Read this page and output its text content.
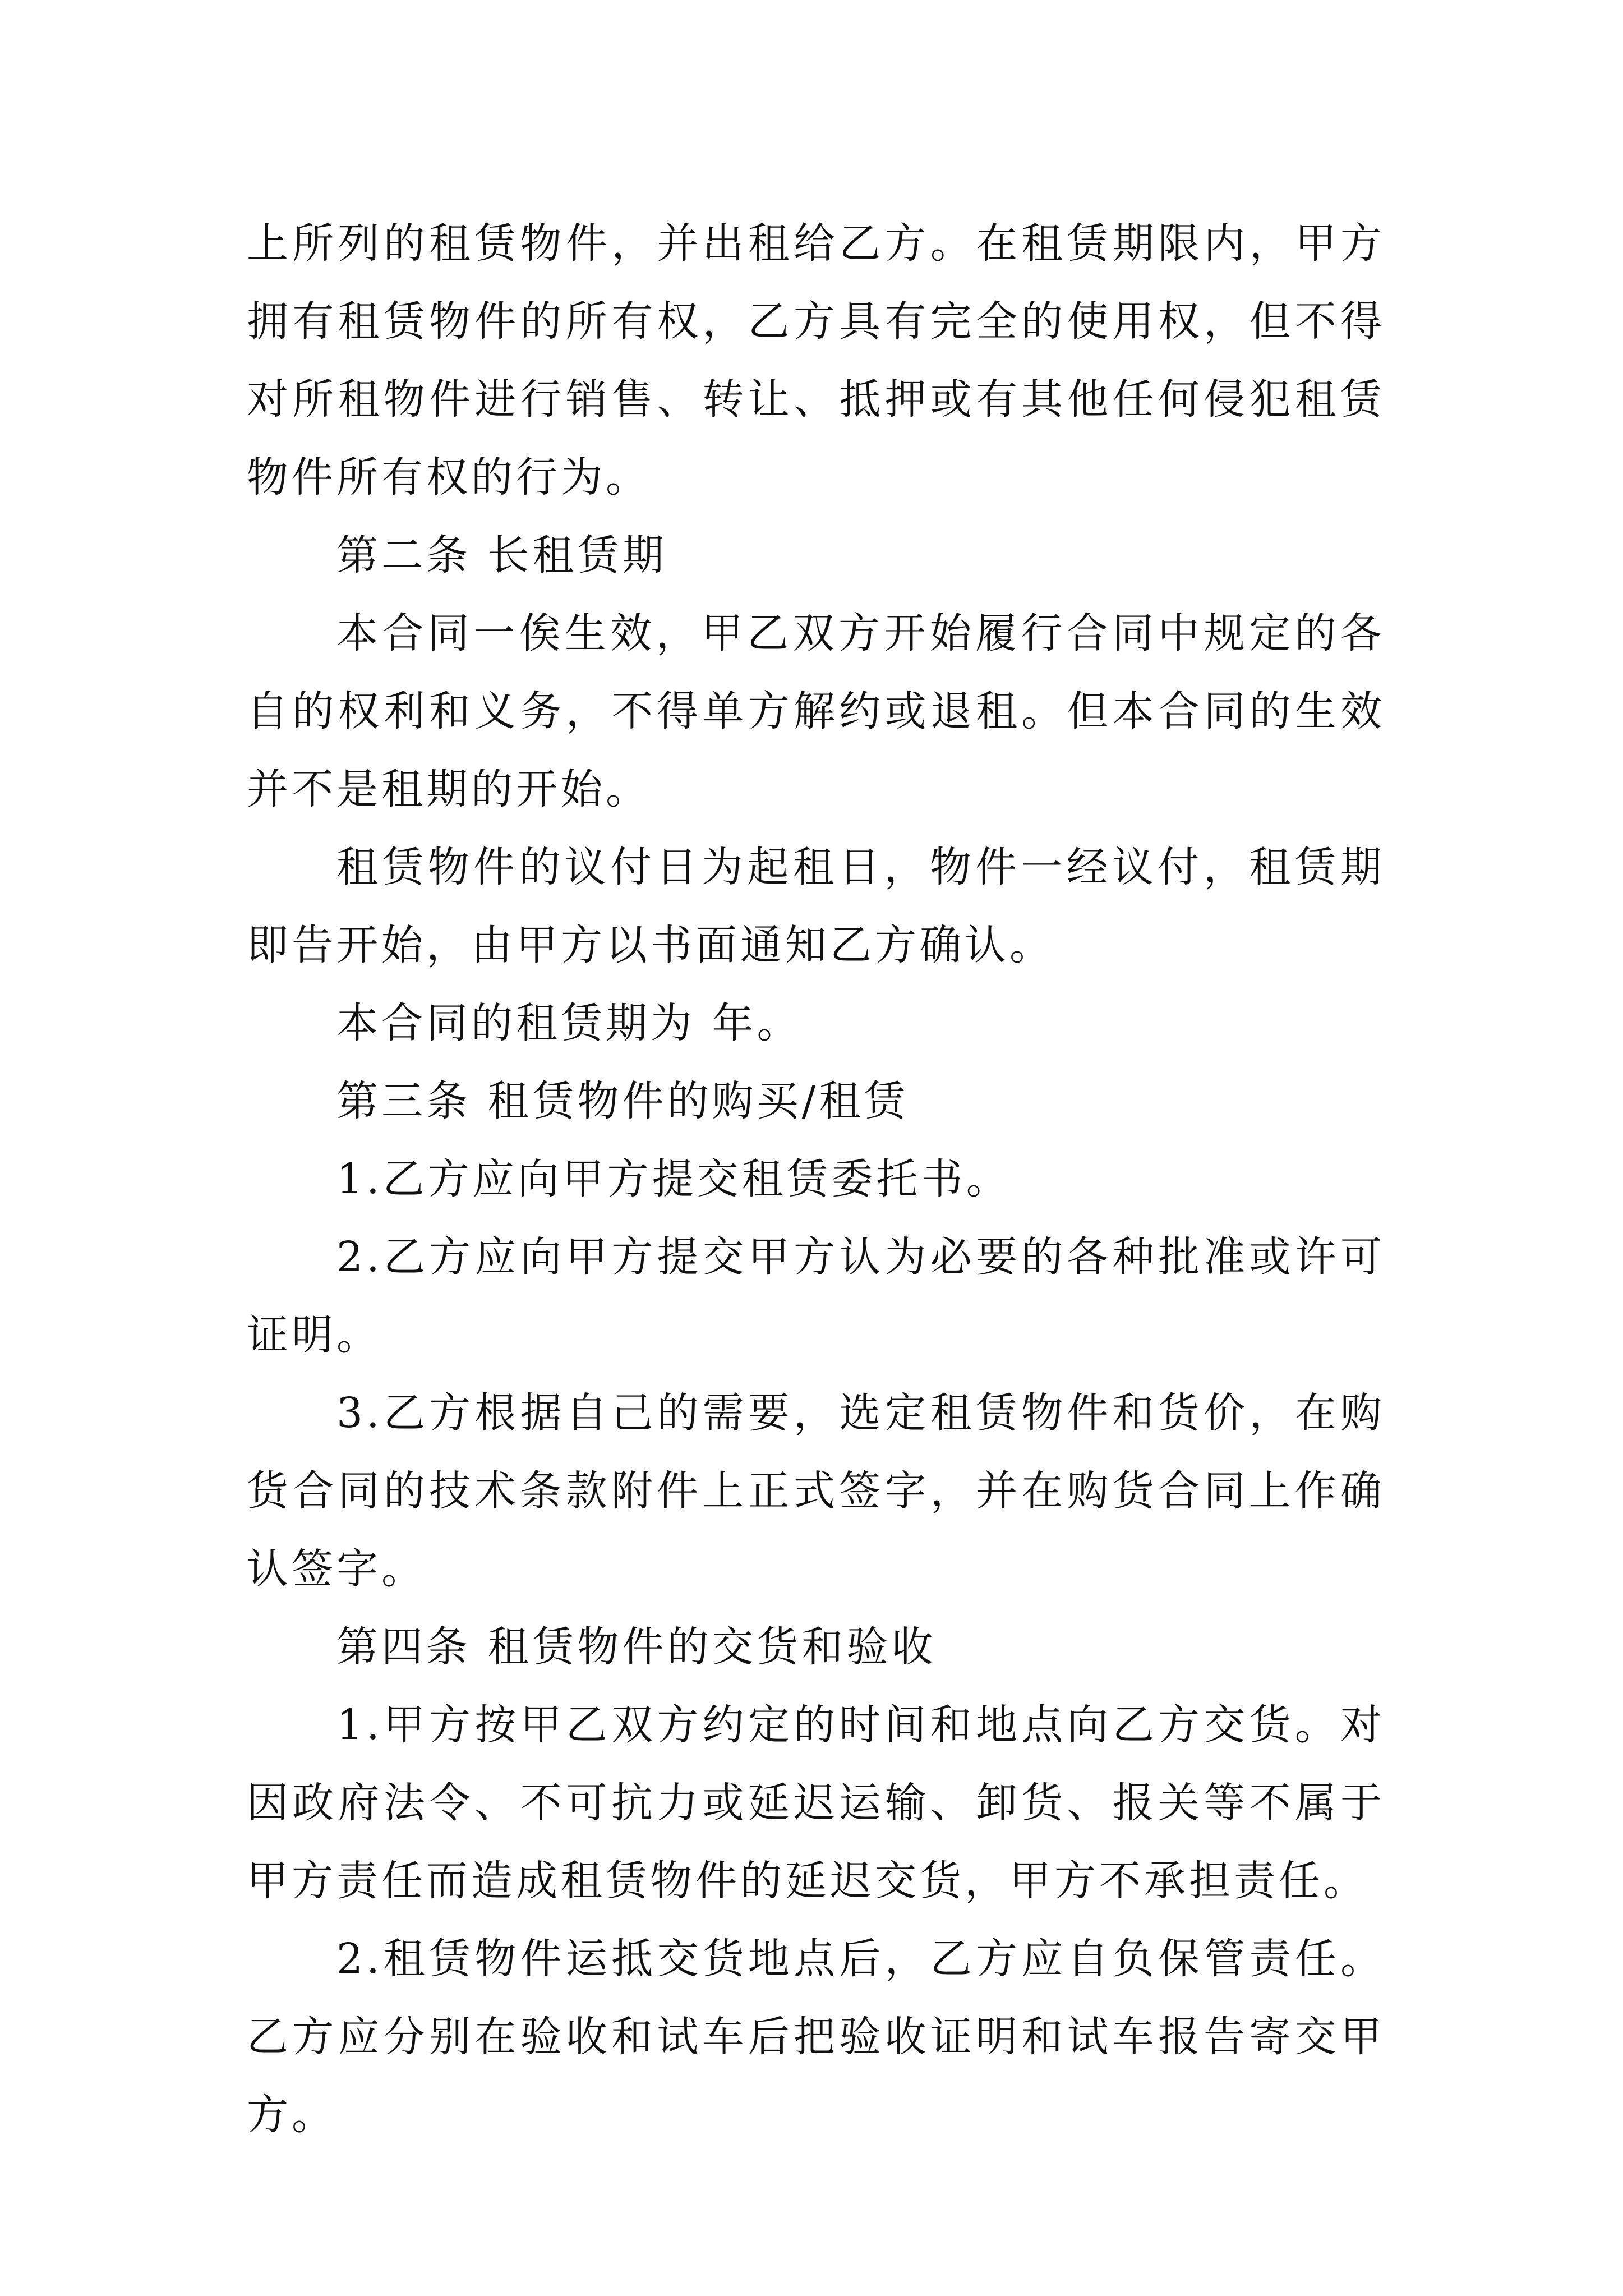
上所列的租赁物件，并出租给乙方。在租赁期限内，甲方拥有租赁物件的所有权，乙方具有完全的使用权，但不得对所租物件进行销售、转让、抵押或有其他任何侵犯租赁物件所有权的行为。

第二条 长租赁期

本合同一俟生效，甲乙双方开始履行合同中规定的各自的权利和义务，不得单方解约或退租。但本合同的生效并不是租期的开始。

租赁物件的议付日为起租日，物件一经议付，租赁期即告开始，由甲方以书面通知乙方确认。

本合同的租赁期为 年。

第三条 租赁物件的购买/租赁

1.乙方应向甲方提交租赁委托书。

2.乙方应向甲方提交甲方认为必要的各种批准或许可证明。

3.乙方根据自己的需要，选定租赁物件和货价，在购货合同的技术条款附件上正式签字，并在购货合同上作确认签字。

第四条 租赁物件的交货和验收

1.甲方按甲乙双方约定的时间和地点向乙方交货。对因政府法令、不可抗力或延迟运输、卸货、报关等不属于甲方责任而造成租赁物件的延迟交货，甲方不承担责任。

2.租赁物件运抵交货地点后，乙方应自负保管责任。乙方应分别在验收和试车后把验收证明和试车报告寄交甲方。
